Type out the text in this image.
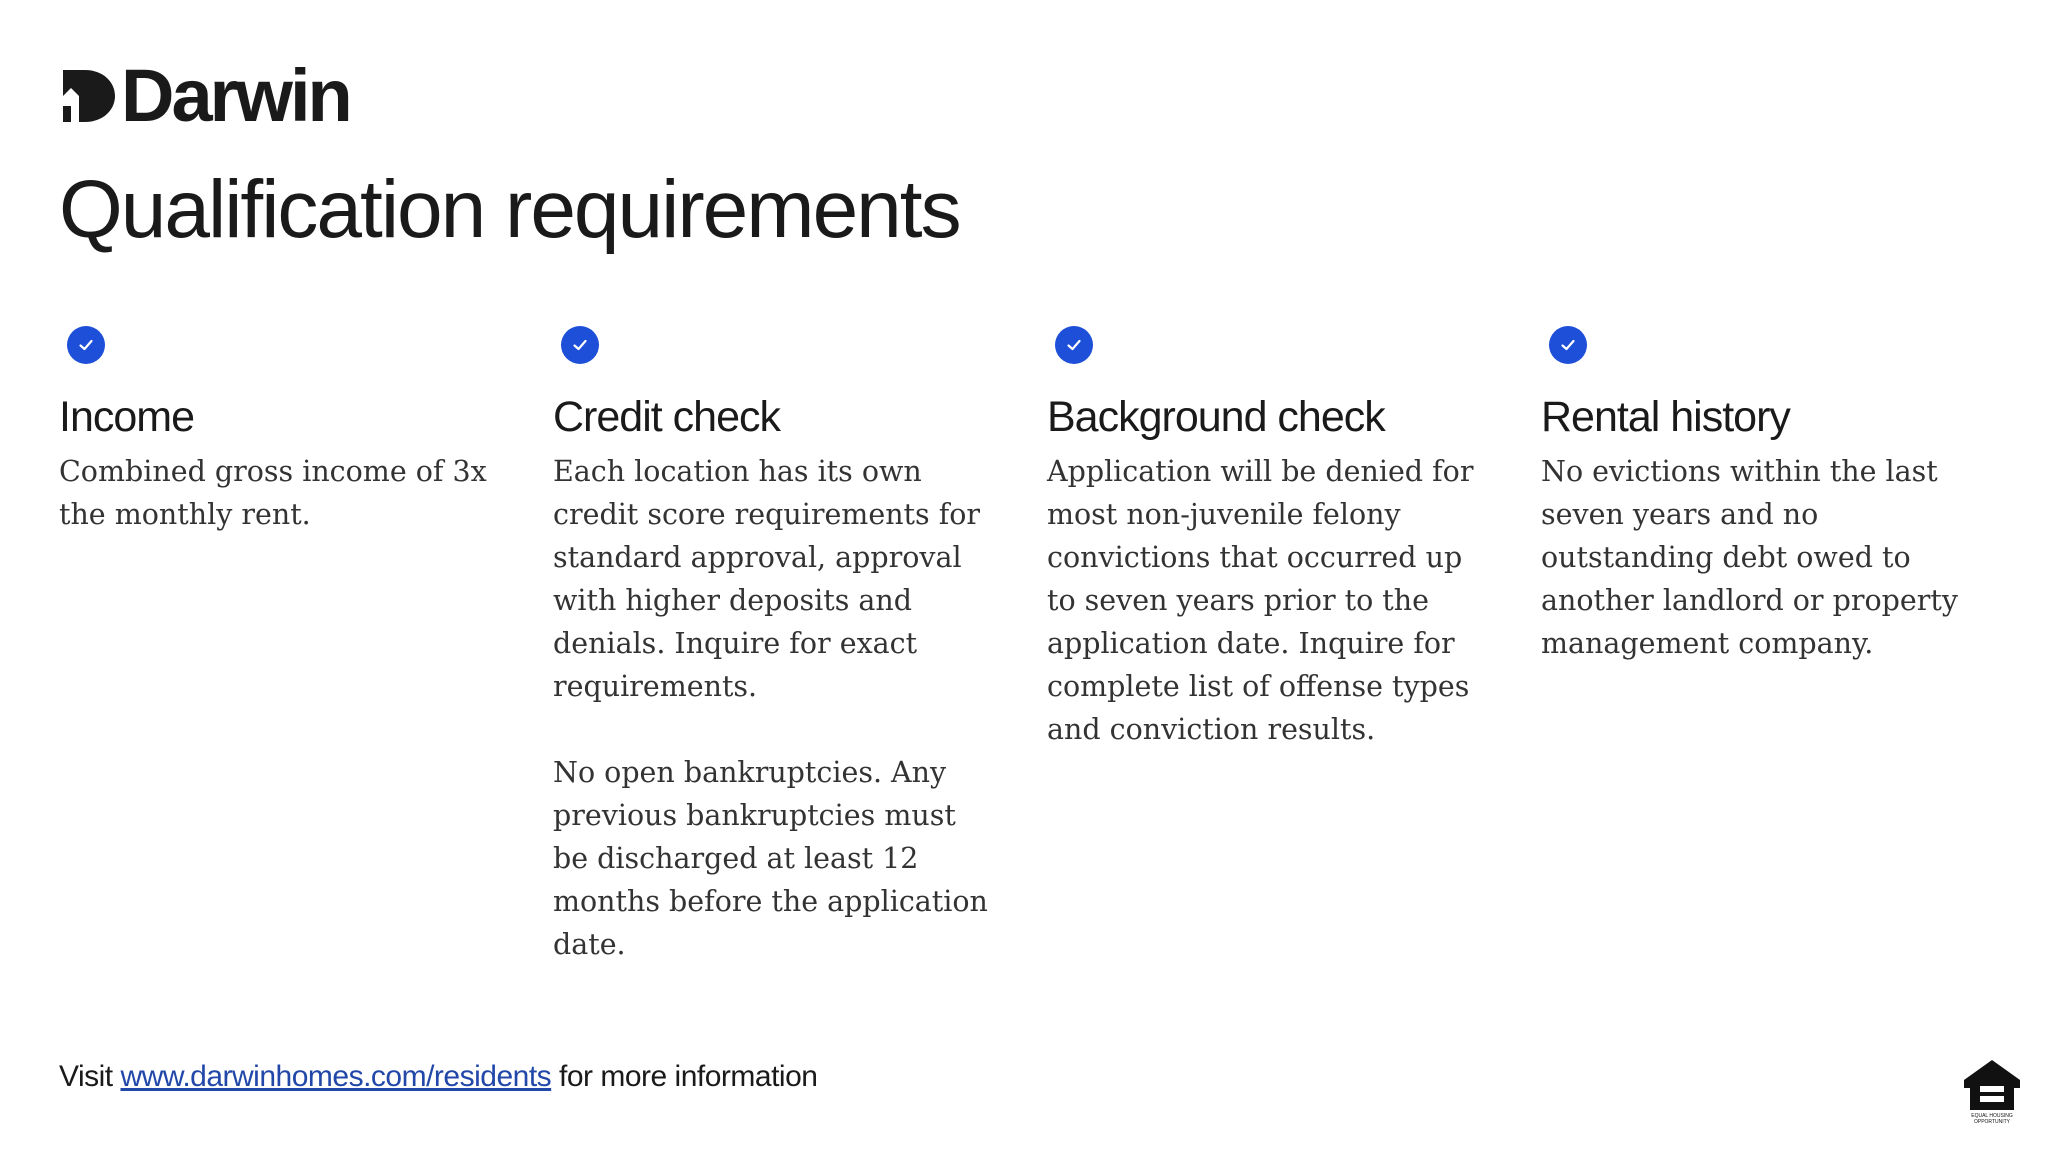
Darwin
Qualification requirements
Income

Combined gross income of 3x the monthly rent.

Credit check

Each location has its own credit score requirements for standard approval, approval with higher deposits and denials. Inquire for exact requirements.

No open bankruptcies. Any previous bankruptcies must be discharged at least 12 months before the application date.

Background check

Application will be denied for most non-juvenile felony convictions that occurred up to seven years prior to the application date. Inquire for complete list of offense types and conviction results.

Rental history

No evictions within the last seven years and no outstanding debt owed to another landlord or property management company.

Visit www.darwinhomes.com/residents for more information
EQUAL HOUSING
OPPORTUNITY
